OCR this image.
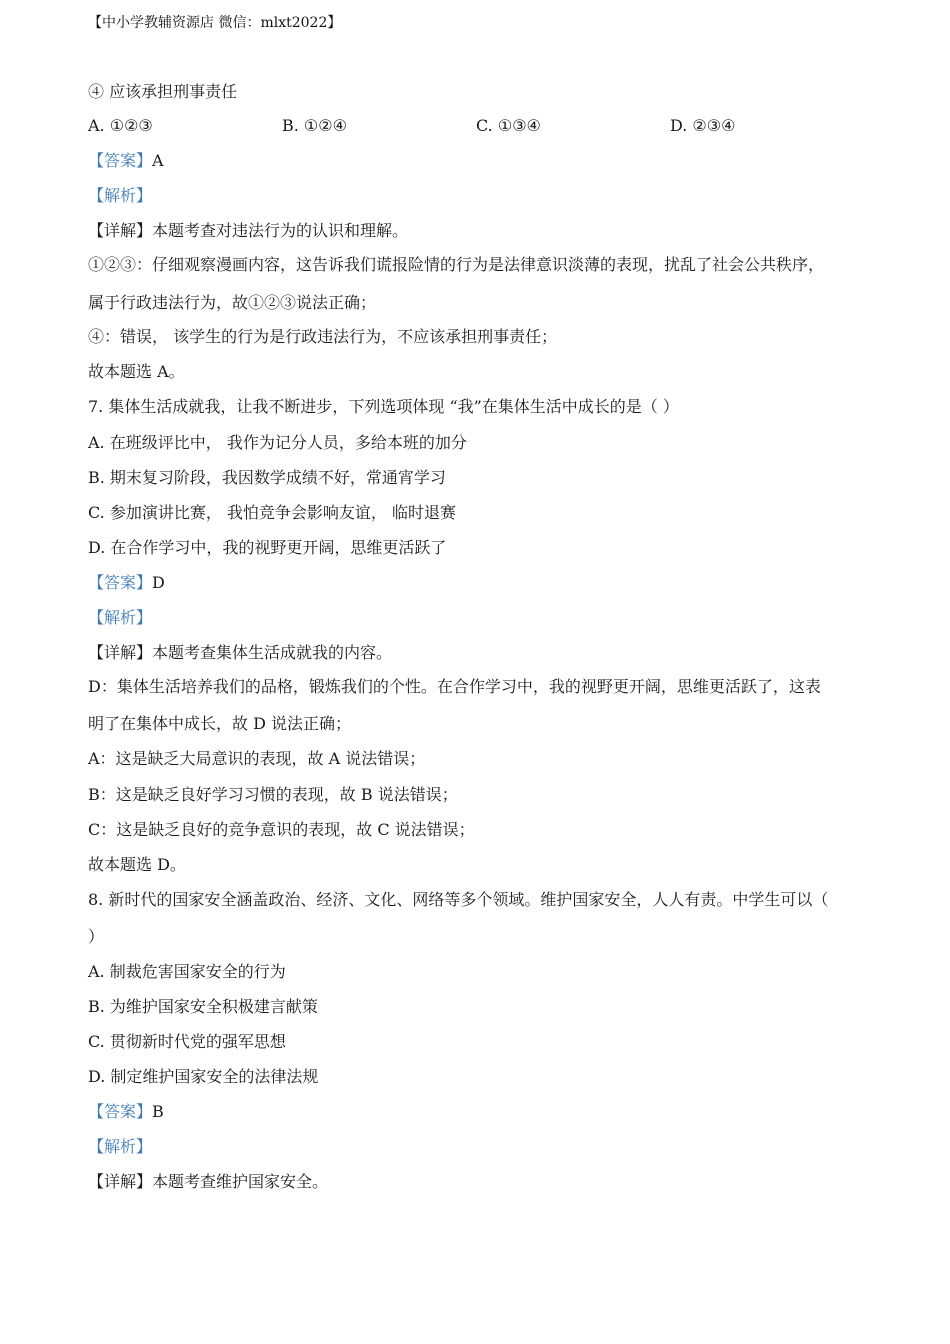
【中小学教辅资源店 微信：mlxt2022】
④ 应该承担刑事责任
A. ①②③	B. ①②④	C. ①③④	D. ②③④
【答案】A
【解析】
【详解】本题考查对违法行为的认识和理解。
①②③：仔细观察漫画内容，这告诉我们谎报险情的行为是法律意识淡薄的表现，扰乱了社会公共秩序，
属于行政违法行为，故①②③说法正确；
④：错误， 该学生的行为是行政违法行为，不应该承担刑事责任；
故本题选 A。
7. 集体生活成就我，让我不断进步，下列选项体现 “我”在集体生活中成长的是（ ）
A. 在班级评比中， 我作为记分人员，多给本班的加分
B. 期末复习阶段，我因数学成绩不好，常通宵学习
C. 参加演讲比赛， 我怕竞争会影响友谊， 临时退赛
D. 在合作学习中，我的视野更开阔，思维更活跃了
【答案】D
【解析】
【详解】本题考查集体生活成就我的内容。
D：集体生活培养我们的品格，锻炼我们的个性。在合作学习中，我的视野更开阔，思维更活跃了，这表
明了在集体中成长，故 D 说法正确；
A：这是缺乏大局意识的表现，故 A 说法错误；
B：这是缺乏良好学习习惯的表现，故 B 说法错误；
C：这是缺乏良好的竞争意识的表现，故 C 说法错误；
故本题选 D。
8. 新时代的国家安全涵盖政治、经济、文化、网络等多个领域。维护国家安全，人人有责。中学生可以（
）
A. 制裁危害国家安全的行为
B. 为维护国家安全积极建言献策
C. 贯彻新时代党的强军思想
D. 制定维护国家安全的法律法规
【答案】B
【解析】
【详解】本题考查维护国家安全。
